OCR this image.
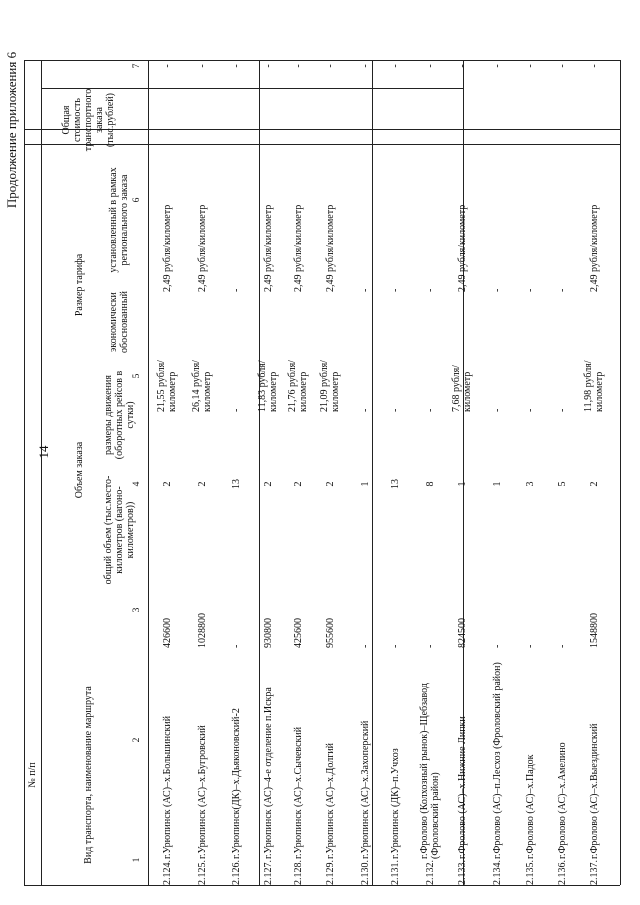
№ п/п	Вид транспорта, наименование маршрута
Объем заказа
общий объем (тыс.место-километров (вагоно-километров))
размеры движения (оборотных рейсов в сутки)
Размер тарифа
экономически обоснованный
установленный в рамках регионального заказа
Общая стоимость транспортного заказа (тыс.рублей)
1
2
3
4
5
6
7
2.124.
г.Урюпинск (АС)–х.Большинский
426600
2
21,55 рубля/ километр
2,49 рубля/километр
-
2.125.
г.Урюпинск (АС)–х.Бугровский
1028800
2
26,14 рубля/ километр
2,49 рубля/километр
-
2.126.
г.Урюпинск(ДК)–х.Дьяконовский-2
-
13
-
-
-
2.127.
г.Урюпинск (АС)–4-е отделение п.Искра
930800
2
11,83 рубля/ километр
2,49 рубля/километр
-
2.128.
г.Урюпинск (АС)–х.Сычевский
425600
2
21,76 рубля/ километр
2,49 рубля/километр
-
2.129.
г.Урюпинск (АС)–х.Долгий
955600
2
21,09 рубля/ километр
2,49 рубля/километр
-
2.130.
г.Урюпинск (АС)–х.Захоперский
-
1
-
-
-
2.131.
г.Урюпинск (ДК)–п.Учхоз
-
13
-
-
-
2.132.
г.Фролово (Колхозный рынок)–Щебзавод (Фроловский район)
-
8
-
-
-
2.133.
г.Фролово (АС)–х.Нижние Липки
824500
1
7,68 рубля/ километр
2,49 рубля/километр
-
2.134.
г.Фролово (АС)–п.Лесхоз (Фроловский район)
-
1
-
-
-
2.135.
г.Фролово (АС)–х.Падок
-
3
-
-
-
2.136.
г.Фролово (АС)–х.Амелино
-
5
-
-
-
2.137.
г.Фролово (АС)–х.Выездинский
1548800
2
11,98 рубля/ километр
2,49 рубля/километр
-
14
Продолжение приложения 6
